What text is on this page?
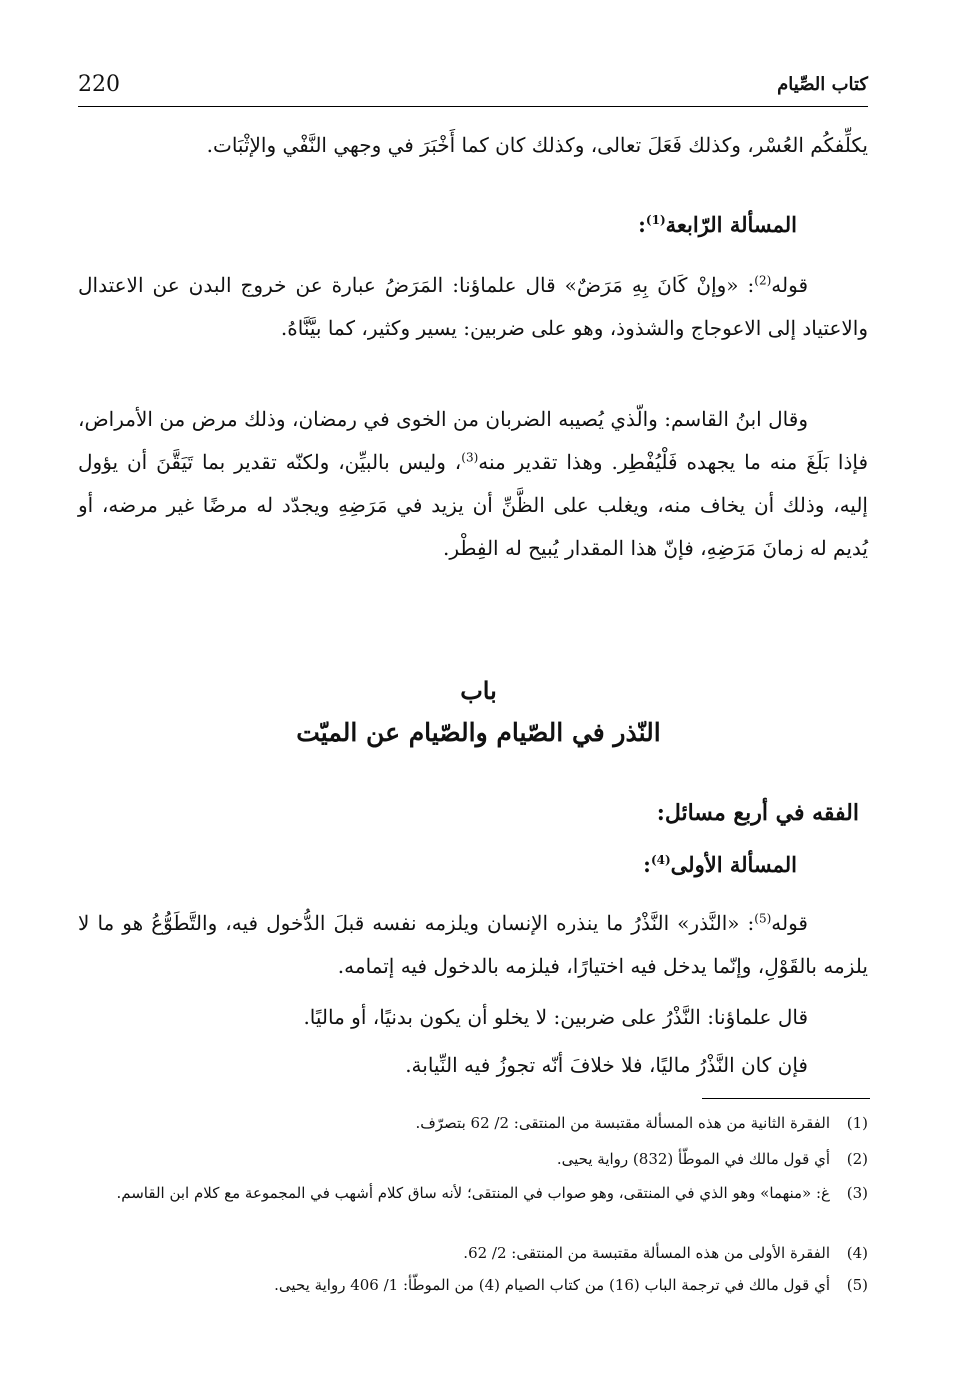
220	كتاب الصِّيام
يكلِّفكُم العُسْر، وكذلك فَعَلَ تعالى، وكذلك كان كما أَخْبَرَ في وجهي النَّفْي والإثْبَات.
المسألة الرّابعة$^{(1)}$:
قوله$^{(2)}$: «وإنْ كَانَ بِهِ مَرَضٌ» قال علماؤنا: المَرَضُ عبارة عن خروج البدن عن الاعتدال والاعتياد إلى الاعوجاج والشذوذ، وهو على ضربين: يسير وكثير، كما بيَّنَّاهُ.
وقال ابنُ القاسم: والّذي يُصيبه الضربان من الخوى في رمضان، وذلك مرض من الأمراض، فإذا بَلَغَ منه ما يجهده فَلْيُفْطِر. وهذا تقدير منه$^{(3)}$، وليس بالبيِّن، ولكنّه تقدير بما تَيَقَّنَ أن يؤول إليه، وذلك أن يخاف منه، ويغلب على الظَّنِّ أن يزيد في مَرَضِهِ ويجدّد له مرضًا غير مرضه، أو يُديم له زمانَ مَرَضِهِ، فإنّ هذا المقدار يُبيح له الفِطْر.
باب
النّذر في الصّيام والصّيام عن الميّت
الفقه في أربع مسائل:
المسألة الأولى$^{(4)}$:
قوله$^{(5)}$: «النَّذر» النَّذْرُ ما ينذره الإنسان ويلزمه نفسه قبلَ الدُّخول فيه، والتَّطَوُّعُ هو ما لا يلزمه بالقَوْلِ، وإنّما يدخل فيه اختيارًا، فيلزمه بالدخول فيه إتمامه.
قال علماؤنا: النَّذْرُ على ضربين: لا يخلو أن يكون بدنيًا، أو ماليًا.
فإن كان النَّذْرُ ماليًا، فلا خلافَ أنّه تجوزُ فيه النِّيابة.
(1)الفقرة الثانية من هذه المسألة مقتبسة من المنتقى: 2/ 62 بتصرّف.
(2)أي قول مالك في الموطّأ (832) رواية يحيى.
(3)غ: «منهما» وهو الذي في المنتقى، وهو صواب في المنتقى؛ لأنه ساق كلام أشهب في المجموعة مع كلام ابن القاسم.
(4)الفقرة الأولى من هذه المسألة مقتبسة من المنتقى: 2/ 62.
(5)أي قول مالك في ترجمة الباب (16) من كتاب الصيام (4) من الموطّأ: 1/ 406 رواية يحيى.
